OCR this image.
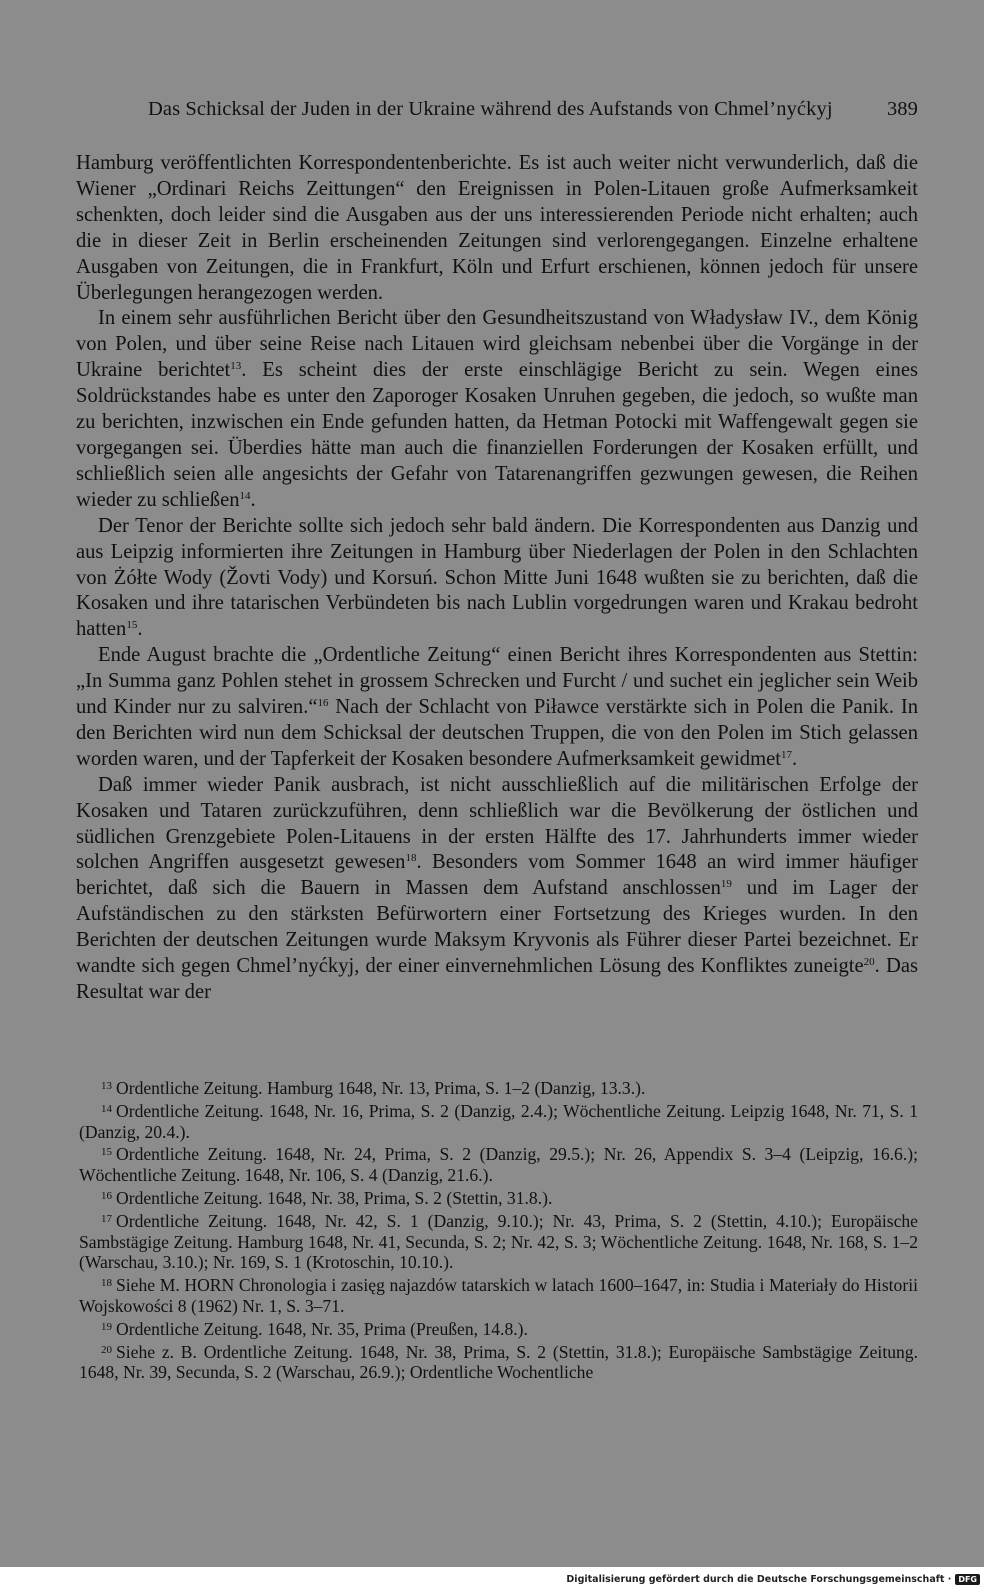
Das Schicksal der Juden in der Ukraine während des Aufstands von Chmel’nyćkyj	389

Hamburg veröffentlichten Korrespondentenberichte. Es ist auch weiter nicht verwunderlich, daß die Wiener „Ordinari Reichs Zeittungen“ den Ereignissen in Polen-Litauen große Aufmerksamkeit schenkten, doch leider sind die Ausgaben aus der uns interessierenden Periode nicht erhalten; auch die in dieser Zeit in Berlin erscheinenden Zeitungen sind verlorengegangen. Einzelne erhaltene Ausgaben von Zeitungen, die in Frankfurt, Köln und Erfurt erschienen, können jedoch für unsere Überlegungen herangezogen werden.

In einem sehr ausführlichen Bericht über den Gesundheitszustand von Władysław IV., dem König von Polen, und über seine Reise nach Litauen wird gleichsam nebenbei über die Vorgänge in der Ukraine berichtet$^{13}$. Es scheint dies der erste einschlägige Bericht zu sein. Wegen eines Soldrückstandes habe es unter den Zaporoger Kosaken Unruhen gegeben, die jedoch, so wußte man zu berichten, inzwischen ein Ende gefunden hatten, da Hetman Potocki mit Waffengewalt gegen sie vorgegangen sei. Überdies hätte man auch die finanziellen Forderungen der Kosaken erfüllt, und schließlich seien alle angesichts der Gefahr von Tatarenangriffen gezwungen gewesen, die Reihen wieder zu schließen$^{14}$.

Der Tenor der Berichte sollte sich jedoch sehr bald ändern. Die Korrespondenten aus Danzig und aus Leipzig informierten ihre Zeitungen in Hamburg über Niederlagen der Polen in den Schlachten von Żółte Wody (Žovti Vody) und Korsuń. Schon Mitte Juni 1648 wußten sie zu berichten, daß die Kosaken und ihre tatarischen Verbündeten bis nach Lublin vorgedrungen waren und Krakau bedroht hatten$^{15}$.

Ende August brachte die „Ordentliche Zeitung“ einen Bericht ihres Korrespondenten aus Stettin: „In Summa ganz Pohlen stehet in grossem Schrecken und Furcht / und suchet ein jeglicher sein Weib und Kinder nur zu salviren.“$^{16}$ Nach der Schlacht von Piławce verstärkte sich in Polen die Panik. In den Berichten wird nun dem Schicksal der deutschen Truppen, die von den Polen im Stich gelassen worden waren, und der Tapferkeit der Kosaken besondere Aufmerksamkeit gewidmet$^{17}$.

Daß immer wieder Panik ausbrach, ist nicht ausschließlich auf die militärischen Erfolge der Kosaken und Tataren zurückzuführen, denn schließlich war die Bevölkerung der östlichen und südlichen Grenzgebiete Polen-Litauens in der ersten Hälfte des 17. Jahrhunderts immer wieder solchen Angriffen ausgesetzt gewesen$^{18}$. Besonders vom Sommer 1648 an wird immer häufiger berichtet, daß sich die Bauern in Massen dem Aufstand anschlossen$^{19}$ und im Lager der Aufständischen zu den stärksten Befürwortern einer Fortsetzung des Krieges wurden. In den Berichten der deutschen Zeitungen wurde Maksym Kryvonis als Führer dieser Partei bezeichnet. Er wandte sich gegen Chmel’nyćkyj, der einer einvernehmlichen Lösung des Konfliktes zuneigte$^{20}$. Das Resultat war der

$^{13}$ Ordentliche Zeitung. Hamburg 1648, Nr. 13, Prima, S. 1–2 (Danzig, 13.3.).

$^{14}$ Ordentliche Zeitung. 1648, Nr. 16, Prima, S. 2 (Danzig, 2.4.); Wöchentliche Zeitung. Leipzig 1648, Nr. 71, S. 1 (Danzig, 20.4.).

$^{15}$ Ordentliche Zeitung. 1648, Nr. 24, Prima, S. 2 (Danzig, 29.5.); Nr. 26, Appendix S. 3–4 (Leipzig, 16.6.); Wöchentliche Zeitung. 1648, Nr. 106, S. 4 (Danzig, 21.6.).

$^{16}$ Ordentliche Zeitung. 1648, Nr. 38, Prima, S. 2 (Stettin, 31.8.).

$^{17}$ Ordentliche Zeitung. 1648, Nr. 42, S. 1 (Danzig, 9.10.); Nr. 43, Prima, S. 2 (Stettin, 4.10.); Europäische Sambstägige Zeitung. Hamburg 1648, Nr. 41, Secunda, S. 2; Nr. 42, S. 3; Wöchentliche Zeitung. 1648, Nr. 168, S. 1–2 (Warschau, 3.10.); Nr. 169, S. 1 (Krotoschin, 10.10.).

$^{18}$ Siehe M. HORN Chronologia i zasięg najazdów tatarskich w latach 1600–1647, in: Studia i Materiały do Historii Wojskowości 8 (1962) Nr. 1, S. 3–71.

$^{19}$ Ordentliche Zeitung. 1648, Nr. 35, Prima (Preußen, 14.8.).

$^{20}$ Siehe z. B. Ordentliche Zeitung. 1648, Nr. 38, Prima, S. 2 (Stettin, 31.8.); Europäische Sambstägige Zeitung. 1648, Nr. 39, Secunda, S. 2 (Warschau, 26.9.); Ordentliche Wochentliche

Digitalisierung gefördert durch die Deutsche Forschungsgemeinschaft · DFG
